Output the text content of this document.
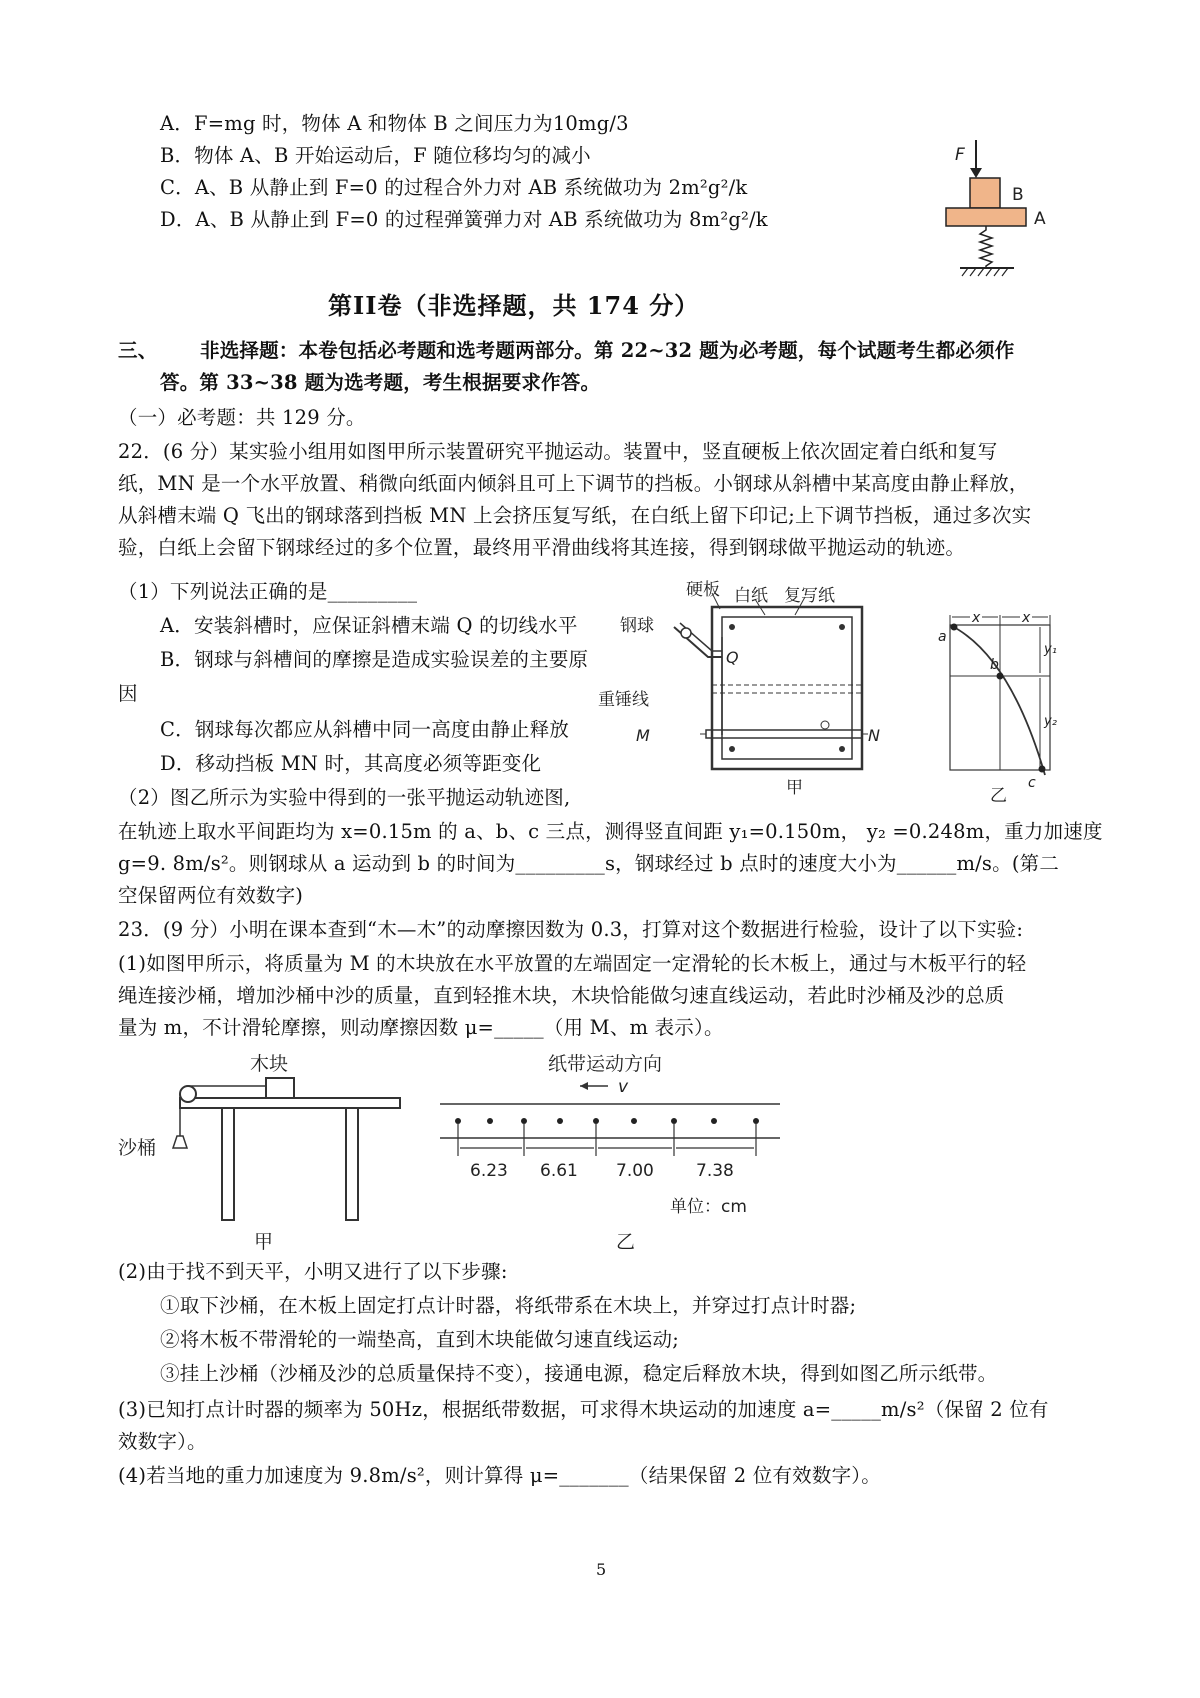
A．F=mg 时，物体 A 和物体 B 之间压力为10mg/3
B．物体 A、B 开始运动后，F 随位移均匀的减小
C．A、B 从静止到 F=0 的过程合外力对 AB 系统做功为 2m²g²/k
D．A、B 从静止到 F=0 的过程弹簧弹力对 AB 系统做功为 8m²g²/k
F
B
A
第II卷（非选择题，共 174 分）
三、 非选择题：本卷包括必考题和选考题两部分。第 22~32 题为必考题，每个试题考生都必须作
答。第 33~38 题为选考题，考生根据要求作答。
（一）必考题：共 129 分。
22．(6 分）某实验小组用如图甲所示装置研究平抛运动。装置中，竖直硬板上依次固定着白纸和复写
纸，MN 是一个水平放置、稍微向纸面内倾斜且可上下调节的挡板。小钢球从斜槽中某高度由静止释放，
从斜槽末端 Q 飞出的钢球落到挡板 MN 上会挤压复写纸，在白纸上留下印记;上下调节挡板，通过多次实
验，白纸上会留下钢球经过的多个位置，最终用平滑曲线将其连接，得到钢球做平抛运动的轨迹。
（1）下列说法正确的是_________
A．安装斜槽时，应保证斜槽末端 Q 的切线水平
B．钢球与斜槽间的摩擦是造成实验误差的主要原
因
C．钢球每次都应从斜槽中同一高度由静止释放
D．移动挡板 MN 时，其高度必须等距变化
（2）图乙所示为实验中得到的一张平抛运动轨迹图,
在轨迹上取水平间距均为 x=0.15m 的 a、b、c 三点，测得竖直间距 y₁=0.150m， y₂ =0.248m，重力加速度
g=9. 8m/s²。则钢球从 a 运动到 b 的时间为_________s，钢球经过 b 点时的速度大小为______m/s。(第二
空保留两位有效数字)
硬板 白纸 复写纸
钢球
Q
重锤线
M	N
甲
x	x
a
b
c
y₁
y₂
乙
23．(9 分）小明在课本查到“木—木”的动摩擦因数为 0.3，打算对这个数据进行检验，设计了以下实验:
(1)如图甲所示，将质量为 M 的木块放在水平放置的左端固定一定滑轮的长木板上，通过与木板平行的轻
绳连接沙桶，增加沙桶中沙的质量，直到轻推木块，木块恰能做匀速直线运动，若此时沙桶及沙的总质
量为 m，不计滑轮摩擦，则动摩擦因数 μ=_____（用 M、m 表示）。
木块
沙桶
甲
纸带运动方向
v
6.23 6.61 7.00 7.38
单位：cm
乙
(2)由于找不到天平，小明又进行了以下步骤:
①取下沙桶，在木板上固定打点计时器，将纸带系在木块上，并穿过打点计时器;
②将木板不带滑轮的一端垫高，直到木块能做匀速直线运动;
③挂上沙桶（沙桶及沙的总质量保持不变），接通电源，稳定后释放木块，得到如图乙所示纸带。
(3)已知打点计时器的频率为 50Hz，根据纸带数据，可求得木块运动的加速度 a=_____m/s²（保留 2 位有
效数字）。
(4)若当地的重力加速度为 9.8m/s²，则计算得 μ=_______（结果保留 2 位有效数字）。
5
